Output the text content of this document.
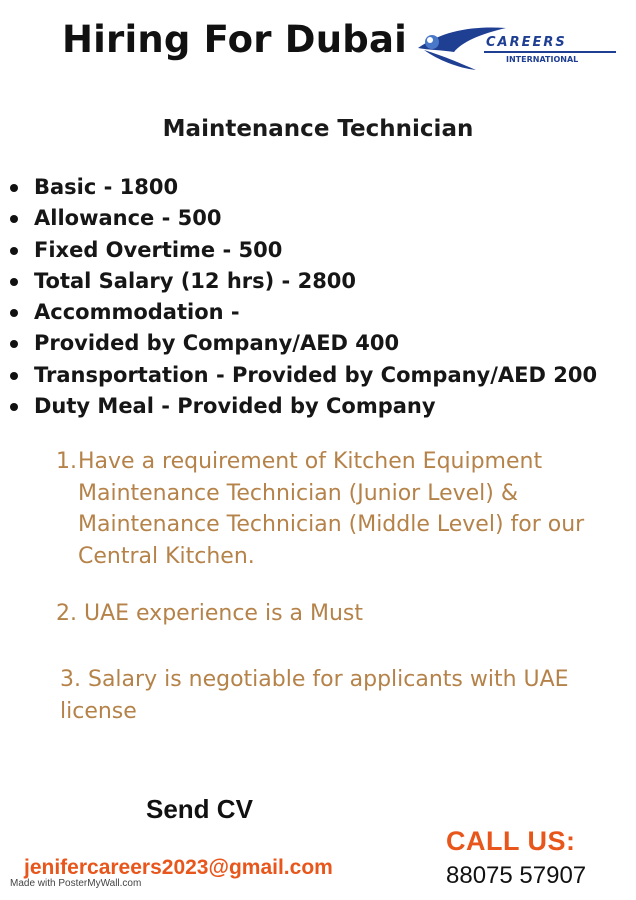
Hiring For Dubai	CAREERS
INTERNATIONAL
Maintenance Technician
Basic - 1800
Allowance - 500
Fixed Overtime - 500
Total Salary (12 hrs) - 2800
Accommodation -
Provided by Company/AED 400
Transportation - Provided by Company/AED 200
Duty Meal - Provided by Company
1. Have a requirement of Kitchen Equipment Maintenance Technician (Junior Level) & Maintenance Technician (Middle Level) for our Central Kitchen.
2. UAE experience is a Must
3. Salary is negotiable for applicants with UAE license
Send CV
jenifercareers2023@gmail.com
CALL US:
88075 57907
Made with PosterMyWall.com
